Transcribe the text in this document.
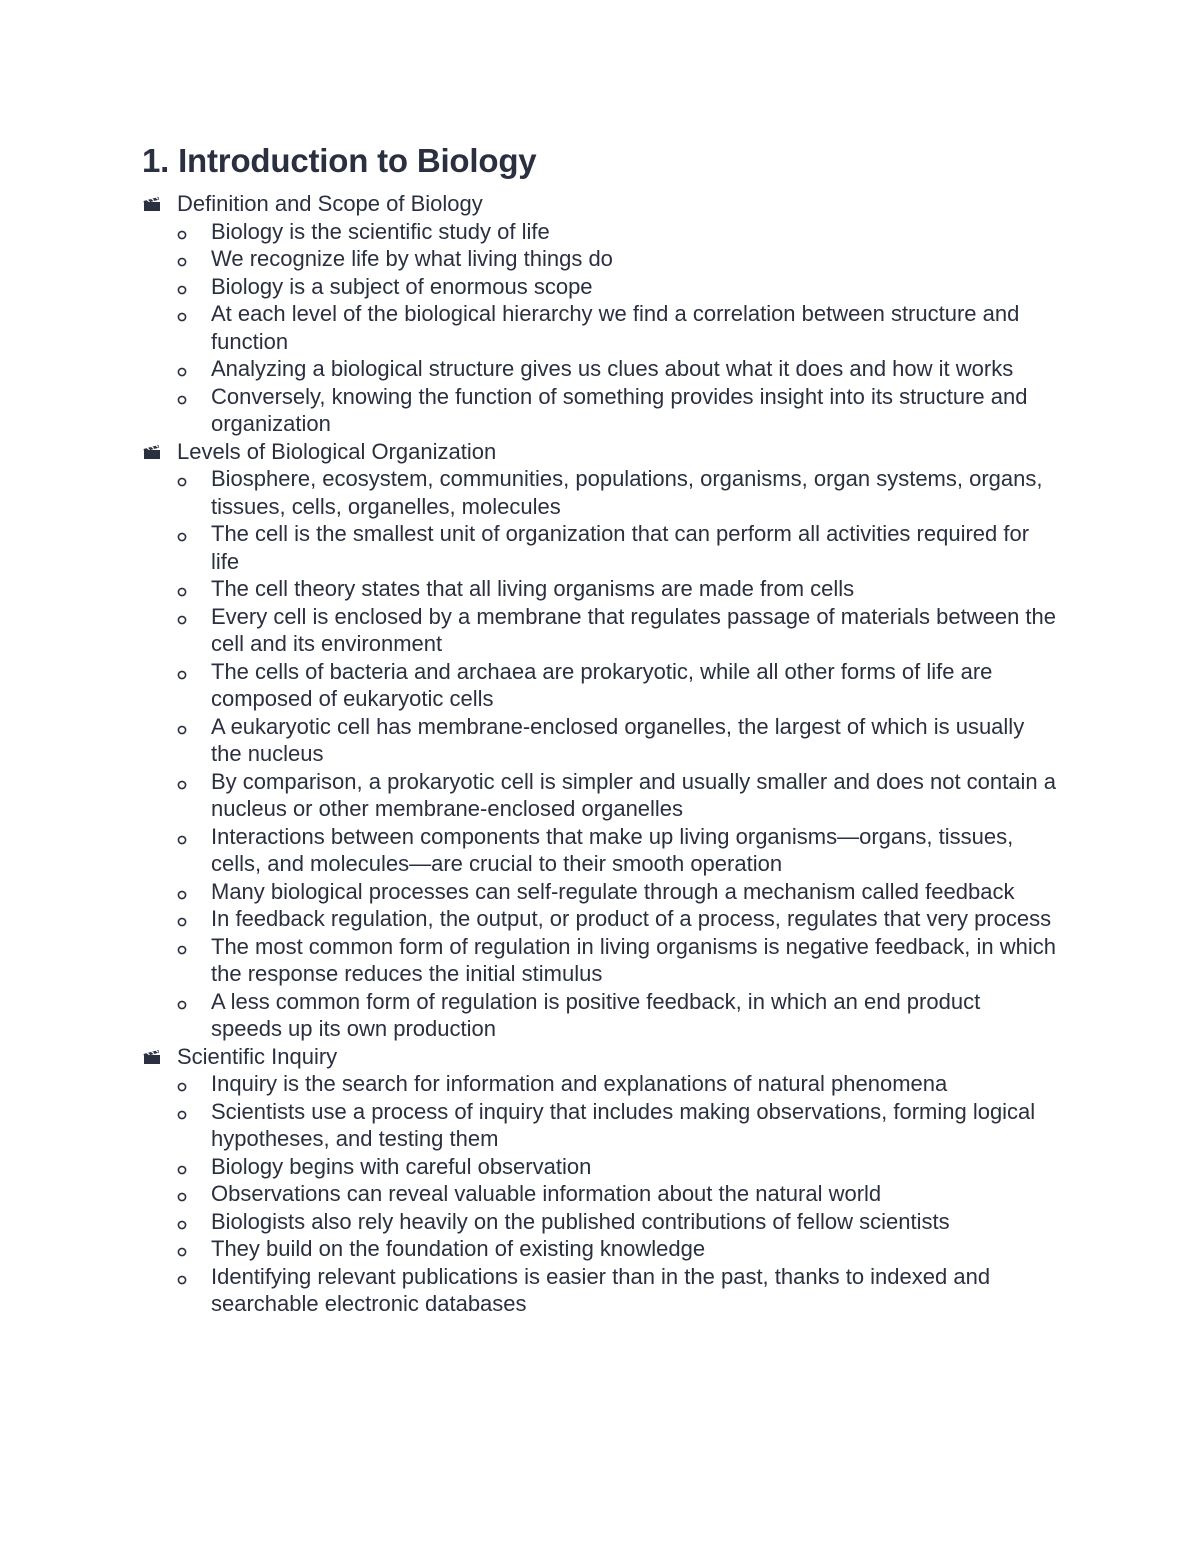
1. Introduction to Biology
Definition and Scope of Biology
Biology is the scientific study of life
We recognize life by what living things do
Biology is a subject of enormous scope
At each level of the biological hierarchy we find a correlation between structure and function
Analyzing a biological structure gives us clues about what it does and how it works
Conversely, knowing the function of something provides insight into its structure and organization
Levels of Biological Organization
Biosphere, ecosystem, communities, populations, organisms, organ systems, organs, tissues, cells, organelles, molecules
The cell is the smallest unit of organization that can perform all activities required for life
The cell theory states that all living organisms are made from cells
Every cell is enclosed by a membrane that regulates passage of materials between the cell and its environment
The cells of bacteria and archaea are prokaryotic, while all other forms of life are composed of eukaryotic cells
A eukaryotic cell has membrane-enclosed organelles, the largest of which is usually the nucleus
By comparison, a prokaryotic cell is simpler and usually smaller and does not contain a nucleus or other membrane-enclosed organelles
Interactions between components that make up living organisms—organs, tissues, cells, and molecules—are crucial to their smooth operation
Many biological processes can self-regulate through a mechanism called feedback
In feedback regulation, the output, or product of a process, regulates that very process
The most common form of regulation in living organisms is negative feedback, in which the response reduces the initial stimulus
A less common form of regulation is positive feedback, in which an end product speeds up its own production
Scientific Inquiry
Inquiry is the search for information and explanations of natural phenomena
Scientists use a process of inquiry that includes making observations, forming logical hypotheses, and testing them
Biology begins with careful observation
Observations can reveal valuable information about the natural world
Biologists also rely heavily on the published contributions of fellow scientists
They build on the foundation of existing knowledge
Identifying relevant publications is easier than in the past, thanks to indexed and searchable electronic databases
